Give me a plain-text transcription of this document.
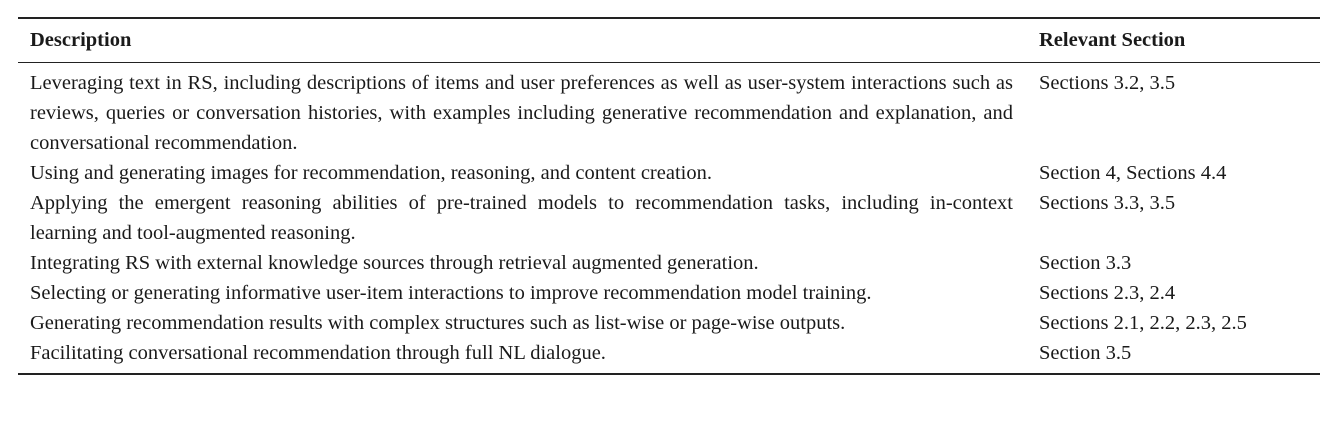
Description	Relevant Section
Leveraging text in RS, including descriptions of items and user preferences as well as user-system interactions such as reviews, queries or conversation histories, with examples including generative recommendation and explanation, and conversational recommendation.	Sections 3.2, 3.5
Using and generating images for recommendation, reasoning, and content creation.	Section 4, Sections 4.4
Applying the emergent reasoning abilities of pre-trained models to recommendation tasks, including in-context learning and tool-augmented reasoning.	Sections 3.3, 3.5
Integrating RS with external knowledge sources through retrieval augmented generation.	Section 3.3
Selecting or generating informative user-item interactions to improve recommendation model training.	Sections 2.3, 2.4
Generating recommendation results with complex structures such as list-wise or page-wise outputs.	Sections 2.1, 2.2, 2.3, 2.5
Facilitating conversational recommendation through full NL dialogue.	Section 3.5
